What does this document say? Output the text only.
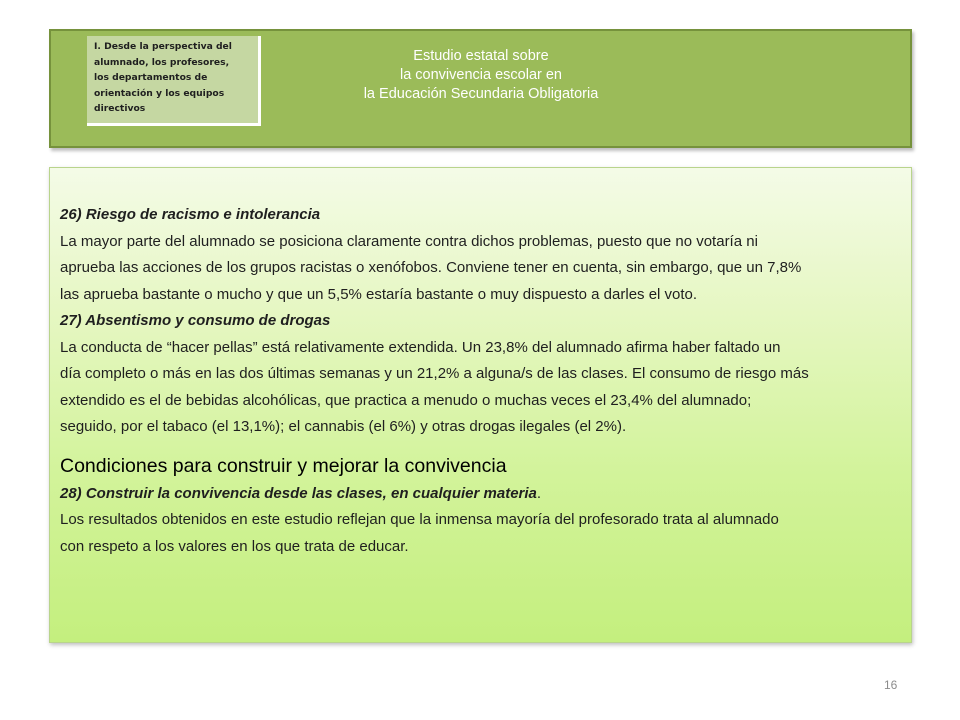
I. Desde la perspectiva del
alumnado, los profesores,
los departamentos de
orientación y los equipos
directivos
Estudio estatal sobre
la convivencia escolar en
la Educación Secundaria Obligatoria
26) Riesgo de racismo e intolerancia
La mayor parte del alumnado se posiciona claramente contra dichos problemas, puesto que no votaría ni
aprueba las acciones de los grupos racistas o xenófobos. Conviene tener en cuenta, sin embargo, que un 7,8%
las aprueba bastante o mucho y que un 5,5% estaría bastante o muy dispuesto a darles el voto.
27) Absentismo y consumo de drogas
La conducta de “hacer pellas” está relativamente extendida. Un 23,8% del alumnado afirma haber faltado un
día completo o más en las dos últimas semanas y un 21,2% a alguna/s de las clases. El consumo de riesgo más
extendido es el de bebidas alcohólicas, que practica a menudo o muchas veces el 23,4% del alumnado;
seguido, por el tabaco (el 13,1%); el cannabis (el 6%) y otras drogas ilegales (el 2%).
Condiciones para construir y mejorar la convivencia
28) Construir la convivencia desde las clases, en cualquier materia.
Los resultados obtenidos en este estudio reflejan que la inmensa mayoría del profesorado trata al alumnado
con respeto a los valores en los que trata de educar.
16
